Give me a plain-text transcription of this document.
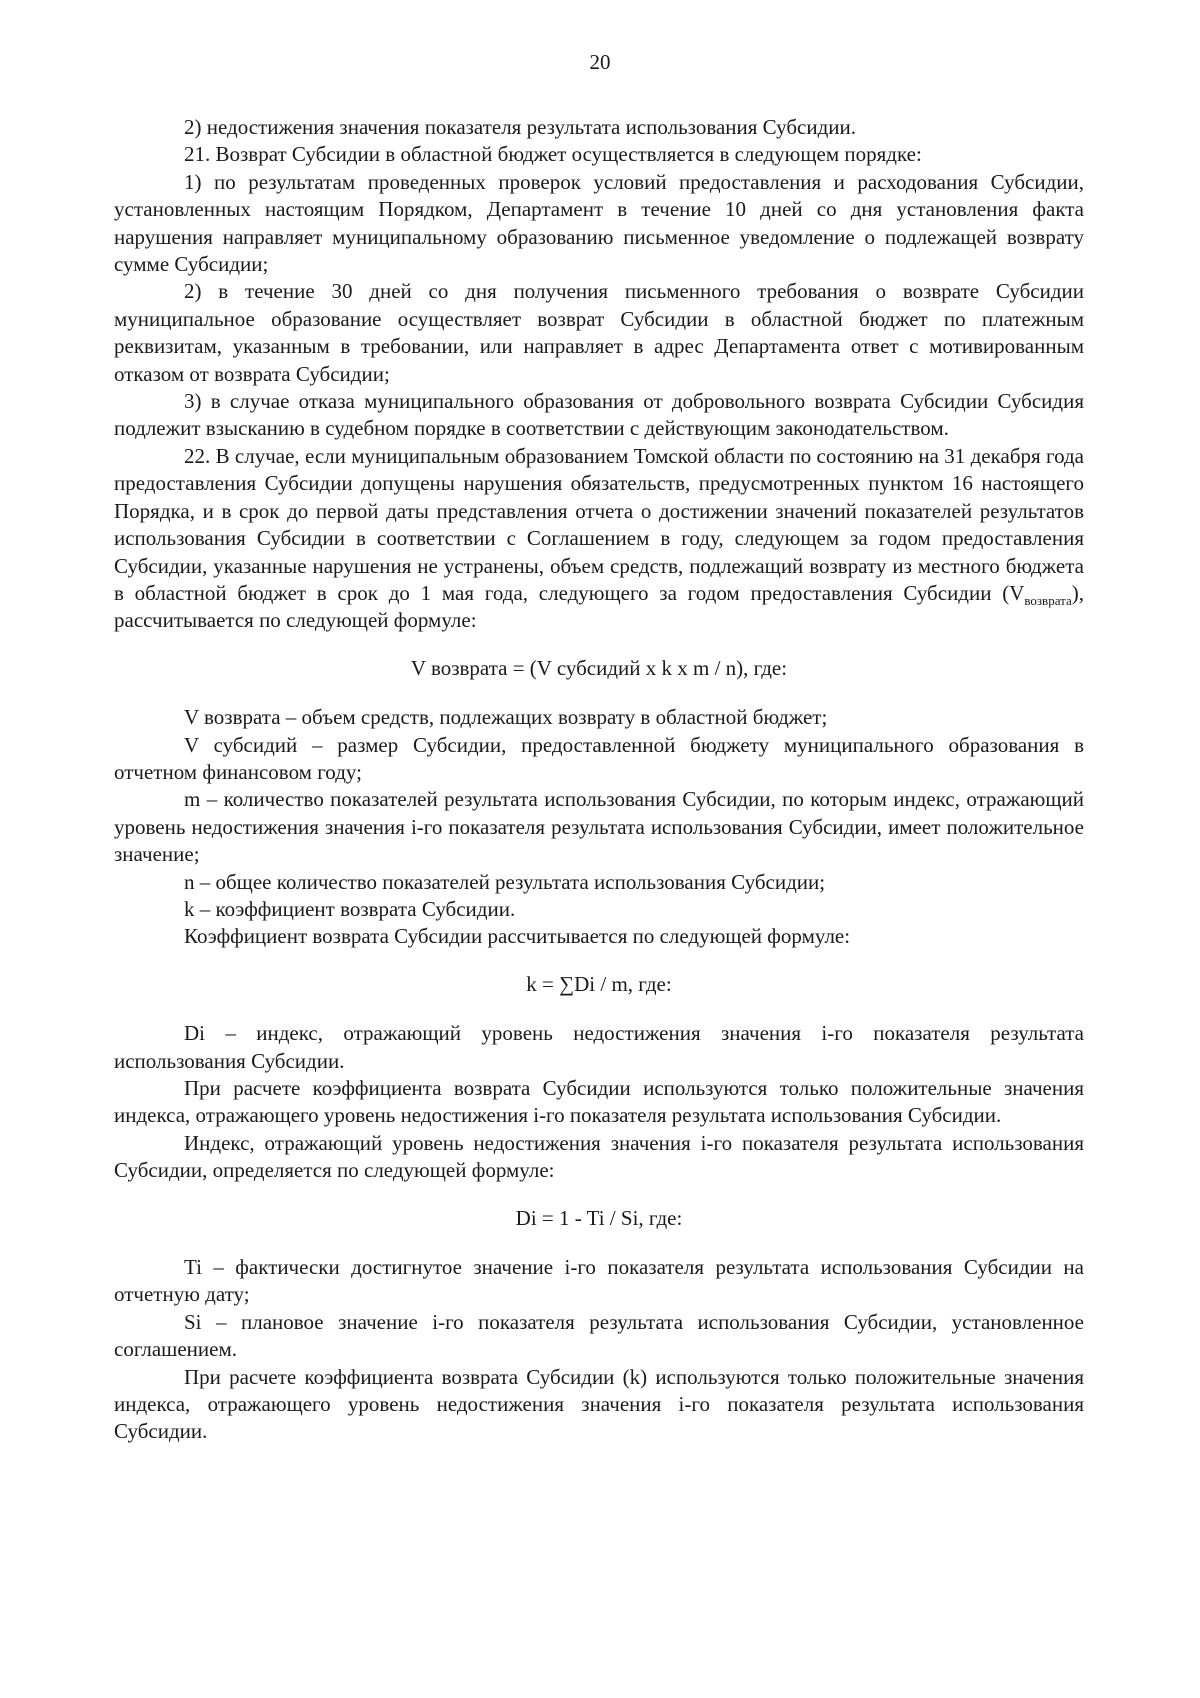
20

2) недостижения значения показателя результата использования Субсидии.

21. Возврат Субсидии в областной бюджет осуществляется в следующем порядке:

1) по результатам проведенных проверок условий предоставления и расходования Субсидии, установленных настоящим Порядком, Департамент в течение 10 дней со дня установления факта нарушения направляет муниципальному образованию письменное уведомление о подлежащей возврату сумме Субсидии;

2) в течение 30 дней со дня получения письменного требования о возврате Субсидии муниципальное образование осуществляет возврат Субсидии в областной бюджет по платежным реквизитам, указанным в требовании, или направляет в адрес Департамента ответ с мотивированным отказом от возврата Субсидии;

3) в случае отказа муниципального образования от добровольного возврата Субсидии Субсидия подлежит взысканию в судебном порядке в соответствии с действующим законодательством.

22. В случае, если муниципальным образованием Томской области по состоянию на 31 декабря года предоставления Субсидии допущены нарушения обязательств, предусмотренных пунктом 16 настоящего Порядка, и в срок до первой даты представления отчета о достижении значений показателей результатов использования Субсидии в соответствии с Соглашением в году, следующем за годом предоставления Субсидии, указанные нарушения не устранены, объем средств, подлежащий возврату из местного бюджета в областной бюджет в срок до 1 мая года, следующего за годом предоставления Субсидии $(V_{возврата})$, рассчитывается по следующей формуле:

V возврата = (V субсидий x k x m / n), где:

V возврата – объем средств, подлежащих возврату в областной бюджет;

V субсидий – размер Субсидии, предоставленной бюджету муниципального образования в отчетном финансовом году;

m – количество показателей результата использования Субсидии, по которым индекс, отражающий уровень недостижения значения i-го показателя результата использования Субсидии, имеет положительное значение;

n – общее количество показателей результата использования Субсидии;

k – коэффициент возврата Субсидии.

Коэффициент возврата Субсидии рассчитывается по следующей формуле:

k = ∑Di / m, где:

Di – индекс, отражающий уровень недостижения значения i-го показателя результата использования Субсидии.

При расчете коэффициента возврата Субсидии используются только положительные значения индекса, отражающего уровень недостижения i-го показателя результата использования Субсидии.

Индекс, отражающий уровень недостижения значения i-го показателя результата использования Субсидии, определяется по следующей формуле:

Di = 1 - Ti / Si, где:

Ti – фактически достигнутое значение i-го показателя результата использования Субсидии на отчетную дату;

Si – плановое значение i-го показателя результата использования Субсидии, установленное соглашением.

При расчете коэффициента возврата Субсидии (k) используются только положительные значения индекса, отражающего уровень недостижения значения i-го показателя результата использования Субсидии.
